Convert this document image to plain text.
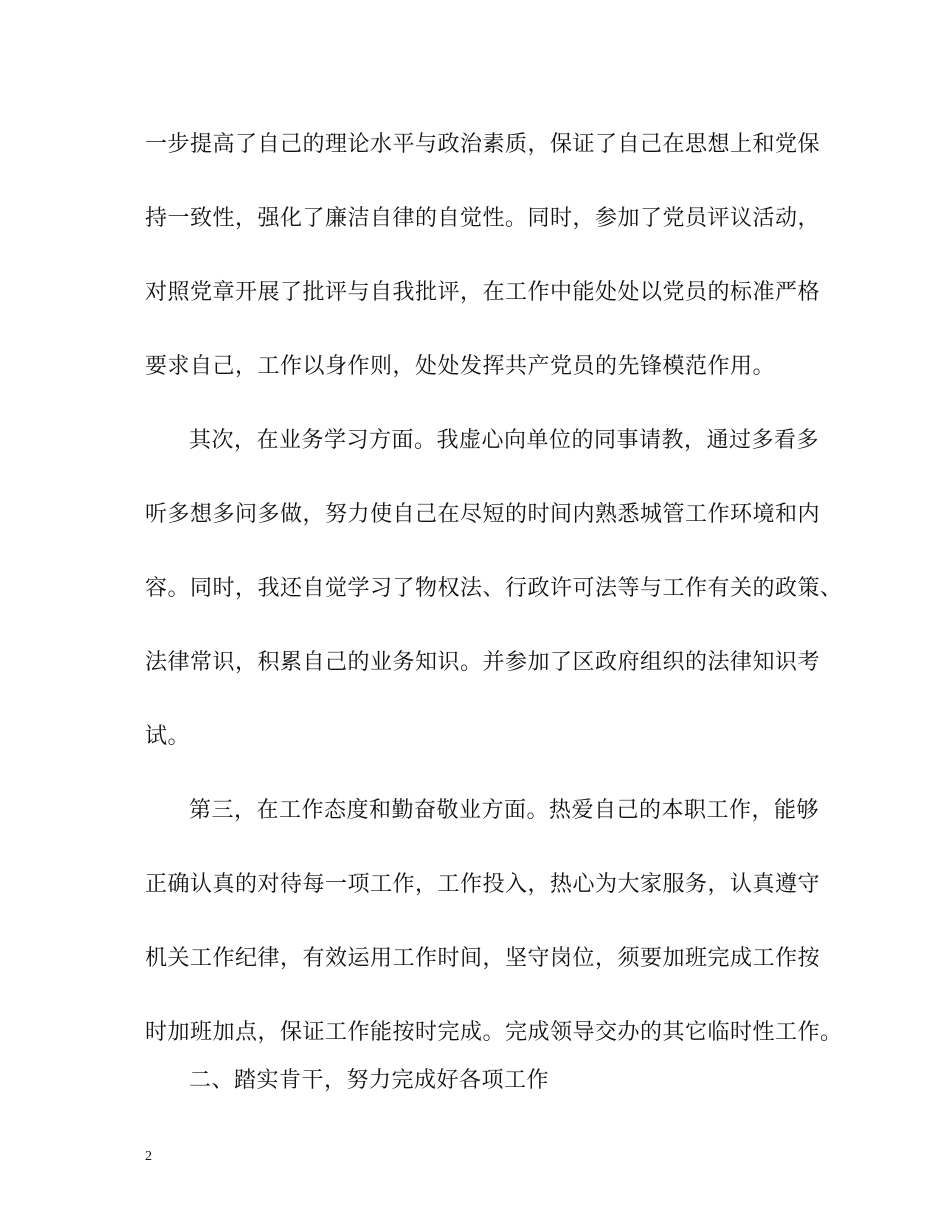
一步提高了自己的理论水平与政治素质，保证了自己在思想上和党保
持一致性，强化了廉洁自律的自觉性。同时，参加了党员评议活动，
对照党章开展了批评与自我批评，在工作中能处处以党员的标准严格
要求自己，工作以身作则，处处发挥共产党员的先锋模范作用。
其次，在业务学习方面。我虚心向单位的同事请教，通过多看多
听多想多问多做，努力使自己在尽短的时间内熟悉城管工作环境和内
容。同时，我还自觉学习了物权法、行政许可法等与工作有关的政策、
法律常识，积累自己的业务知识。并参加了区政府组织的法律知识考
试。
第三，在工作态度和勤奋敬业方面。热爱自己的本职工作，能够
正确认真的对待每一项工作，工作投入，热心为大家服务，认真遵守
机关工作纪律，有效运用工作时间，坚守岗位，须要加班完成工作按
时加班加点，保证工作能按时完成。完成领导交办的其它临时性工作。
二、踏实肯干，努力完成好各项工作
2
